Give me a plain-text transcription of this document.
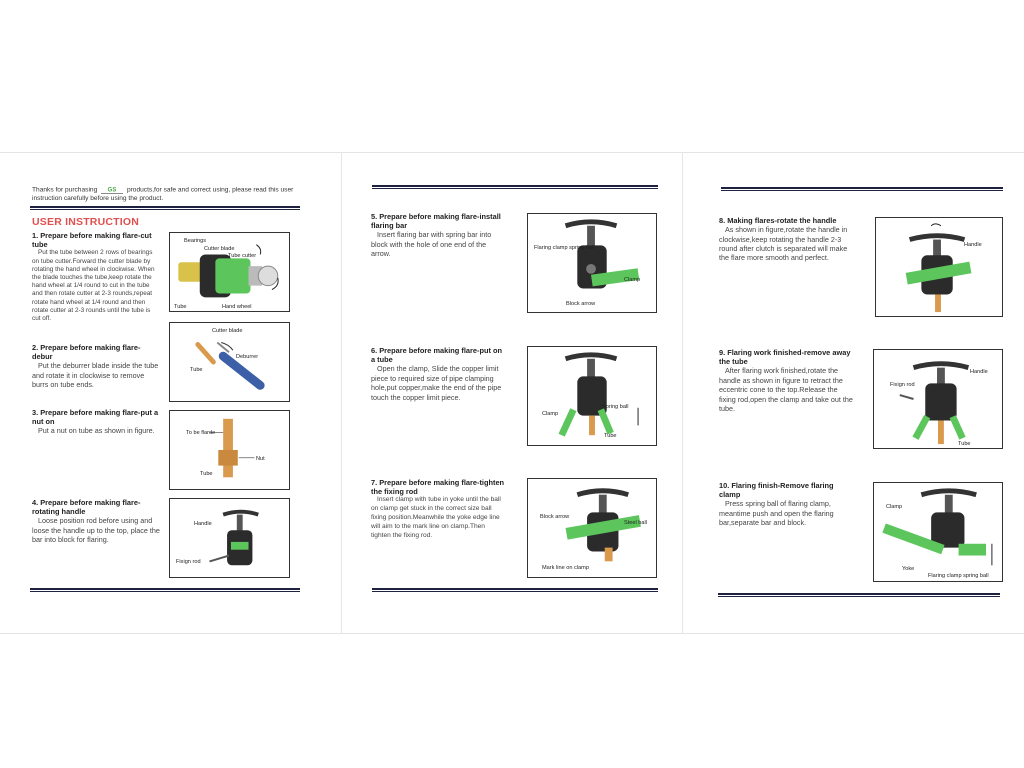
Thanks for purchasing GS products,for safe and correct using, please read this user instruction carefully before using the product.
USER INSTRUCTION
1. Prepare before making flare-cut tube
Put the tube between 2 rows of bearings on tube cutter.Forward the cutter blade by rotating the hand wheel in clockwise. When the blade touches the tube,keep rotate the hand wheel at 1/4 round to cut in the tube and then rotate cutter at 2-3 rounds,repeat rotate hand wheel at 1/4 round and then rotate cutter at 2-3 rounds until the tube is cut off.
Bearings
Cutter blade
Tube cutter
Tube	Hand wheel
2. Prepare before making flare-debur
Put the deburrer blade inside the tube and rotate it in clockwise to remove burrs on tube ends.
Cutter blade
Deburrer
Tube
3. Prepare before making flare-put a nut on
Put a nut on tube as shown in figure.	To be flarde
Nut
Tube
4. Prepare before making flare-rotating handle
Loose position rod before using and loose the handle up to the top, place the bar into block for flaring.
Handle
Fixign rod
5. Prepare before making flare-install flaring bar
Insert flaring bar with spring bar into block with the hole of one end of the arrow.
Flaring clamp spring ball
Clamp
Block arrow
6. Prepare before making flare-put on a tube
Open the clamp, Slide the copper limit piece to required size of pipe clamping hole,put copper,make the end of the pipe touch the copper limit piece.
Spring ball
Clamp
Tube
7. Prepare before making flare-tighten the fixing rod
Insert clamp with tube in yoke until the ball on clamp get stuck in the correct size ball fixing position.Meanwhile the yoke edge line will aim to the mark line on clamp.Then tighten the fixing rod.
Block arrow
Steel ball
Mark line on clamp
8. Making flares-rotate the handle
As shown in figure,rotate the handle in clockwise,keep rotating the handle 2-3 round after clutch is separated will make the flare more smooth and perfect.
Handle
9. Flaring work finished-remove away the tube
After flaring work finished,rotate the handle as shown in figure to retract the eccentric cone to the top.Release the fixing rod,open the clamp and take out the tube.
Handle
Fixign rod
Tube
10. Flaring finish-Remove flaring clamp
Press spring ball of flaring clamp, meantime push and open the flaring bar,separate bar and block.
Clamp
Yoke
Flaring clamp spring ball
